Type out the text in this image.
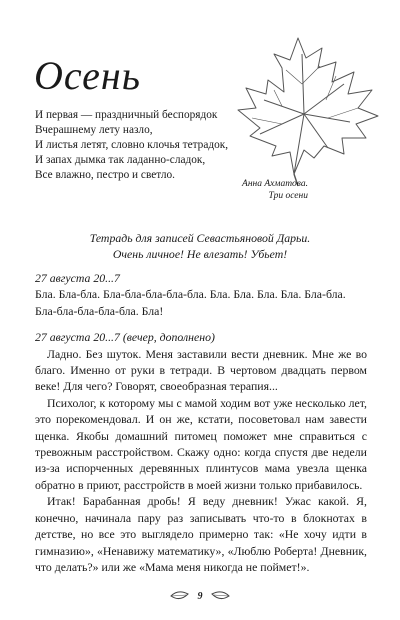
Осень
И первая — праздничный беспорядок
Вчерашнему лету назло,
И листья летят, словно клочья тетрадок,
И запах дымка так ладанно-сладок,
Все влажно, пестро и светло.
Анна Ахматова.
Три осени
Тетрадь для записей Севастьяновой Дарьи.
Очень личное! Не влезать! Убьет!
27 августа 20...7

Бла. Бла-бла. Бла-бла-бла-бла-бла. Бла. Бла. Бла. Бла. Бла-бла.

Бла-бла-бла-бла-бла. Бла!

27 августа 20...7 (вечер, дополнено)

Ладно. Без шуток. Меня заставили вести дневник. Мне же во благо. Именно от руки в тетради. В чертовом двадцать первом веке! Для чего? Говорят, своеобразная терапия...

Психолог, к которому мы с мамой ходим вот уже несколько лет, это порекомендовал. И он же, кстати, посоветовал нам завести щенка. Якобы домашний питомец поможет мне справиться с тревожным расстройством. Скажу одно: когда спустя две недели из-за испорченных деревянных плинтусов мама увезла щенка обратно в приют, расстройств в моей жизни только прибавилось.

Итак! Барабанная дробь! Я веду дневник! Ужас какой. Я, конечно, начинала пару раз записывать что-то в блокнотах в детстве, но все это выглядело примерно так: «Не хочу идти в гимназию», «Ненавижу математику», «Люблю Роберта! Дневник, что делать?» или же «Мама меня никогда не поймет!».

9
